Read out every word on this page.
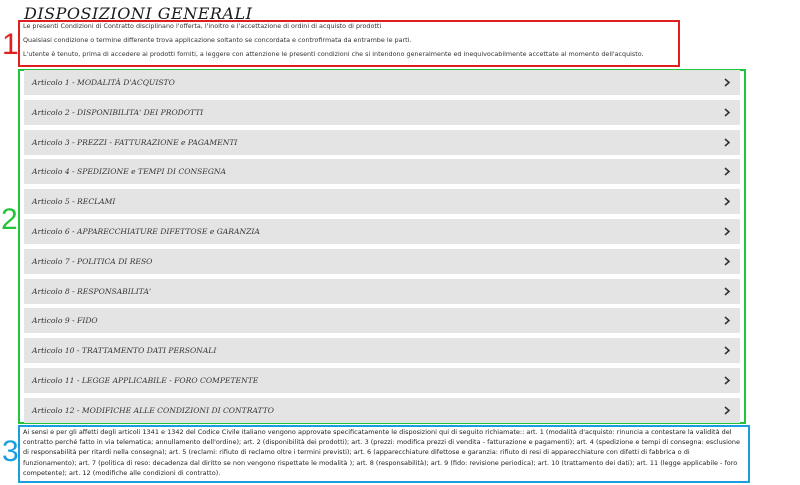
DISPOSIZIONI GENERALI
1
2
3

Le presenti Condizioni di Contratto disciplinano l'offerta, l'inoltro e l'accettazione di ordini di acquisto di prodotti

Qualsiasi condizione o termine differente trova applicazione soltanto se concordata e controfirmata da entrambe le parti.

L'utente è tenuto, prima di accedere ai prodotti forniti, a leggere con attenzione le presenti condizioni che si intendono generalmente ed inequivocabilmente accettate al momento dell'acquisto.

Articolo 1 - MODALITÀ D'ACQUISTO
Articolo 2 - DISPONIBILITA' DEI PRODOTTI
Articolo 3 - PREZZI - FATTURAZIONE e PAGAMENTI
Articolo 4 - SPEDIZIONE e TEMPI DI CONSEGNA
Articolo 5 - RECLAMI
Articolo 6 - APPARECCHIATURE DIFETTOSE e GARANZIA
Articolo 7 - POLITICA DI RESO
Articolo 8 - RESPONSABILITA'
Articolo 9 - FIDO
Articolo 10 - TRATTAMENTO DATI PERSONALI
Articolo 11 - LEGGE APPLICABILE - FORO COMPETENTE
Articolo 12 - MODIFICHE ALLE CONDIZIONI DI CONTRATTO

Ai sensi e per gli affetti degli articoli 1341 e 1342 del Codice Civile italiano vengono approvate specificatamente le disposizioni qui di seguito richiamate:: art. 1 (modalità d'acquisto: rinuncia a contestare la validità del contratto perché fatto in via telematica; annullamento dell'ordine); art. 2 (disponibilità dei prodotti); art. 3 (prezzi: modifica prezzi di vendita - fatturazione e pagamenti); art. 4 (spedizione e tempi di consegna: esclusione di responsabilità per ritardi nella consegna); art. 5 (reclami: rifiuto di reclamo oltre i termini previsti); art. 6 (apparecchiature difettose e garanzia: rifiuto di resi di apparecchiature con difetti di fabbrica o di funzionamento); art. 7 (politica di reso: decadenza dal diritto se non vengono rispettate le modalità ); art. 8 (responsabilità); art. 9 (fido: revisione periodica); art. 10 (trattamento dei dati); art. 11 (legge applicabile - foro competente); art. 12 (modifiche alle condizioni di contratto).
